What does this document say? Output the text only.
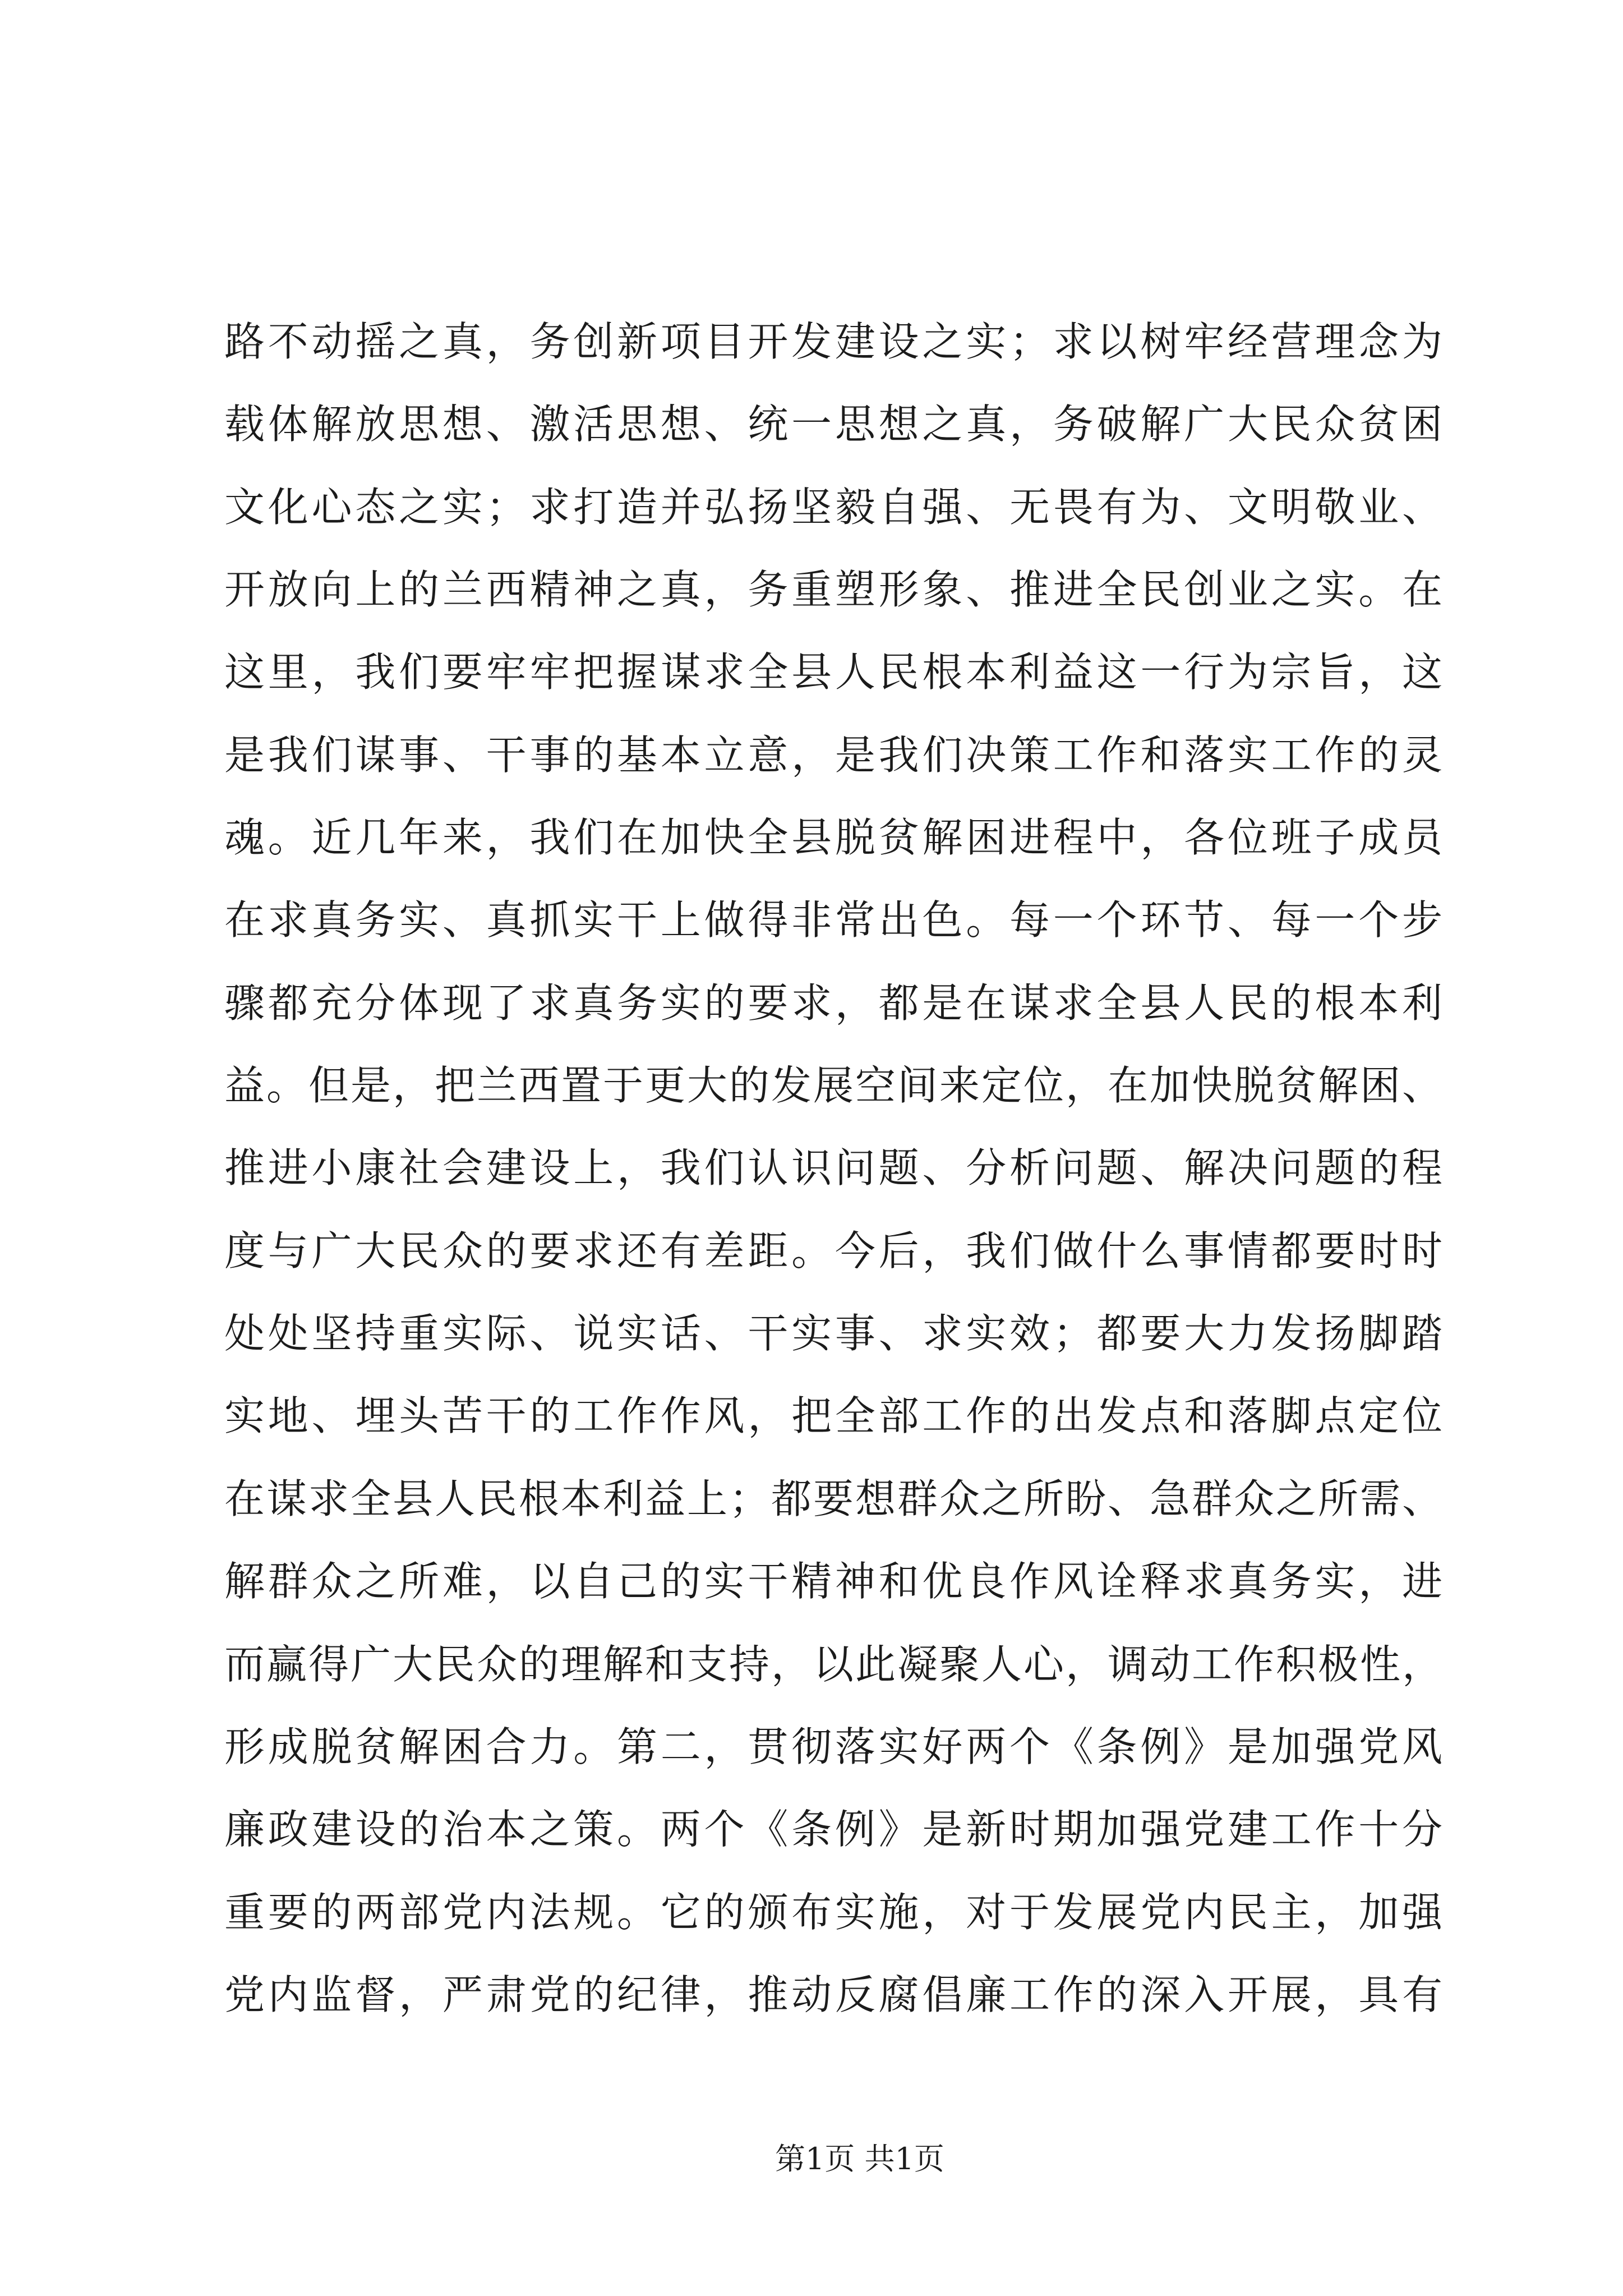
路不动摇之真，务创新项目开发建设之实；求以树牢经营理念为
载体解放思想、激活思想、统一思想之真，务破解广大民众贫困
文化心态之实；求打造并弘扬坚毅自强、无畏有为、文明敬业、
开放向上的兰西精神之真，务重塑形象、推进全民创业之实。在
这里，我们要牢牢把握谋求全县人民根本利益这一行为宗旨，这
是我们谋事、干事的基本立意，是我们决策工作和落实工作的灵
魂。近几年来，我们在加快全县脱贫解困进程中，各位班子成员
在求真务实、真抓实干上做得非常出色。每一个环节、每一个步
骤都充分体现了求真务实的要求，都是在谋求全县人民的根本利
益。但是，把兰西置于更大的发展空间来定位，在加快脱贫解困、
推进小康社会建设上，我们认识问题、分析问题、解决问题的程
度与广大民众的要求还有差距。今后，我们做什么事情都要时时
处处坚持重实际、说实话、干实事、求实效；都要大力发扬脚踏
实地、埋头苦干的工作作风，把全部工作的出发点和落脚点定位
在谋求全县人民根本利益上；都要想群众之所盼、急群众之所需、
解群众之所难，以自己的实干精神和优良作风诠释求真务实，进
而赢得广大民众的理解和支持，以此凝聚人心，调动工作积极性，
形成脱贫解困合力。第二，贯彻落实好两个《条例》是加强党风
廉政建设的治本之策。两个《条例》是新时期加强党建工作十分
重要的两部党内法规。它的颁布实施，对于发展党内民主，加强
党内监督，严肃党的纪律，推动反腐倡廉工作的深入开展，具有
第1页 共1页
